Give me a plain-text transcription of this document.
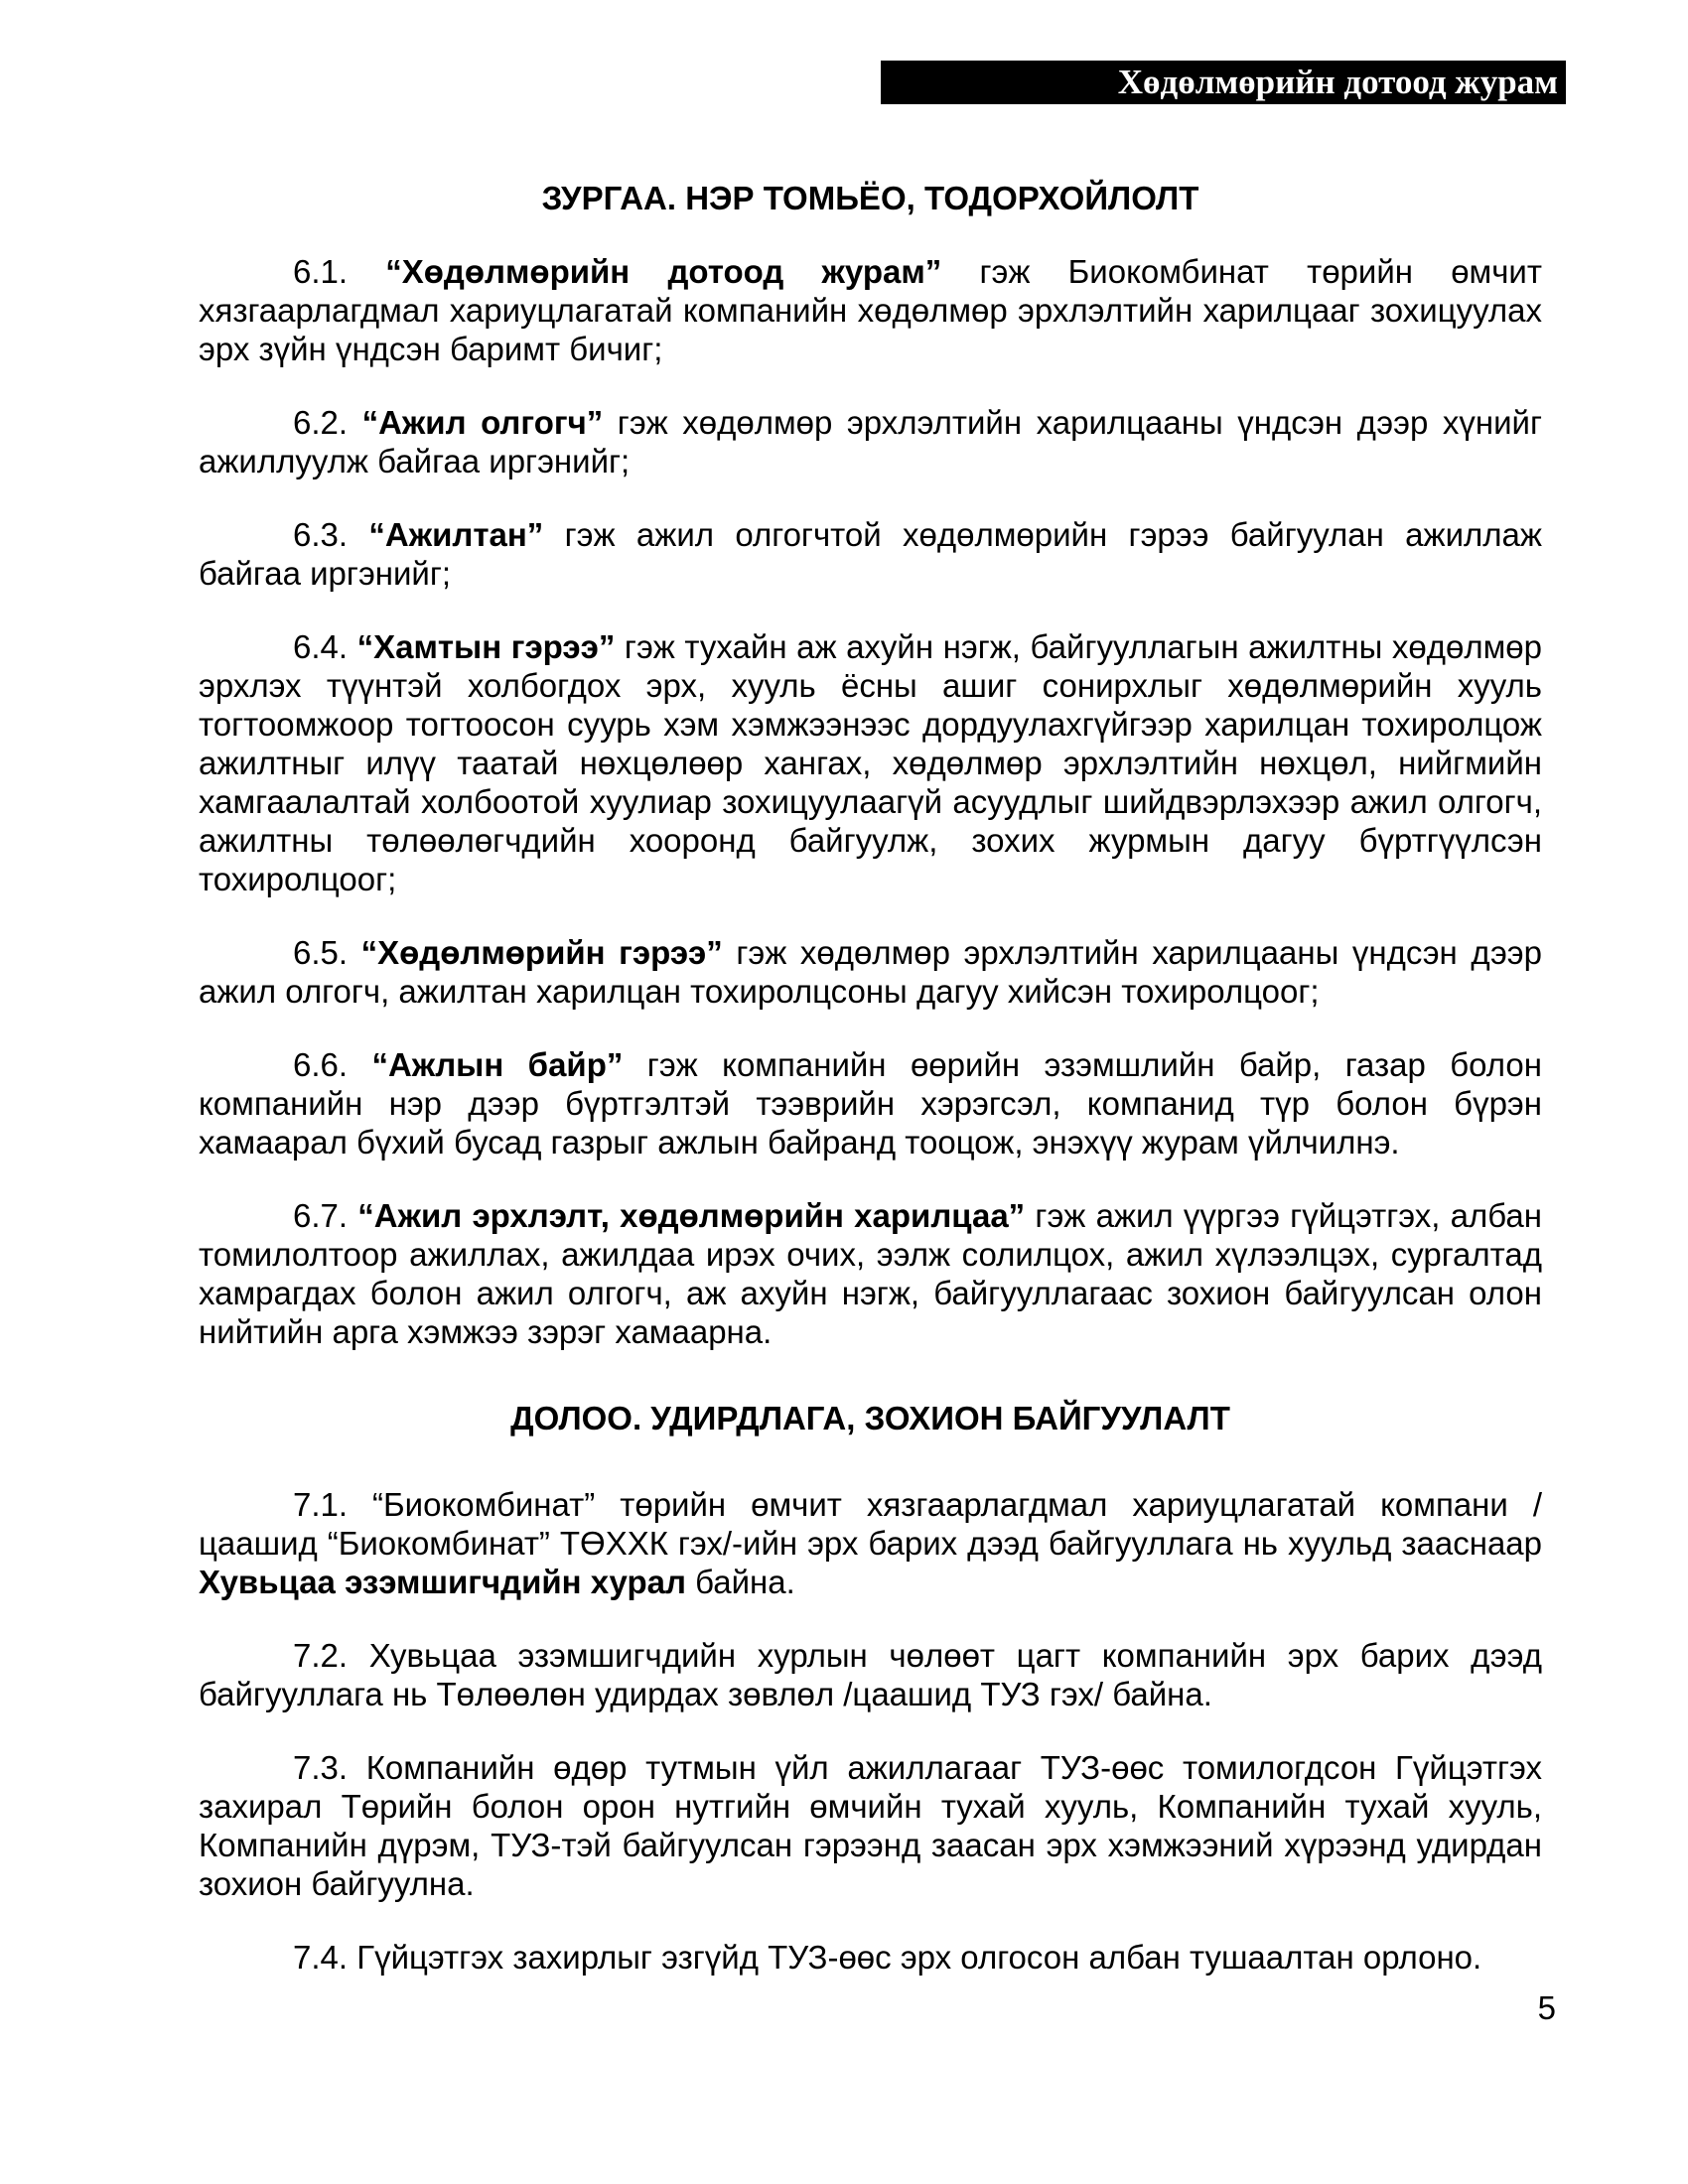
Хөдөлмөрийн дотоод журам
ЗУРГАА. НЭР ТОМЬЁО, ТОДОРХОЙЛОЛТ

6.1. “Хөдөлмөрийн дотоод журам” гэж Биокомбинат төрийн өмчит хязгаарлагдмал хариуцлагатай компанийн хөдөлмөр эрхлэлтийн харилцааг зохицуулах эрх зүйн үндсэн баримт бичиг;

6.2. “Ажил олгогч” гэж хөдөлмөр эрхлэлтийн харилцааны үндсэн дээр хүнийг ажиллуулж байгаа иргэнийг;

6.3. “Ажилтан” гэж ажил олгогчтой хөдөлмөрийн гэрээ байгуулан ажиллаж байгаа иргэнийг;

6.4. “Хамтын гэрээ” гэж тухайн аж ахуйн нэгж, байгууллагын ажилтны хөдөлмөр эрхлэх түүнтэй холбогдох эрх, хууль ёсны ашиг сонирхлыг хөдөлмөрийн хууль тогтоомжоор тогтоосон суурь хэм хэмжээнээс дордуулахгүйгээр харилцан тохиролцож ажилтныг илүү таатай нөхцөлөөр хангах, хөдөлмөр эрхлэлтийн нөхцөл, нийгмийн хамгаалалтай холбоотой хуулиар зохицуулаагүй асуудлыг шийдвэрлэхээр ажил олгогч, ажилтны төлөөлөгчдийн хооронд байгуулж, зохих журмын дагуу бүртгүүлсэн тохиролцоог;

6.5. “Хөдөлмөрийн гэрээ” гэж хөдөлмөр эрхлэлтийн харилцааны үндсэн дээр ажил олгогч, ажилтан харилцан тохиролцсоны дагуу хийсэн тохиролцоог;

6.6. “Ажлын байр” гэж компанийн өөрийн эзэмшлийн байр, газар болон компанийн нэр дээр бүртгэлтэй тээврийн хэрэгсэл, компанид түр болон бүрэн хамаарал бүхий бусад газрыг ажлын байранд тооцож, энэхүү журам үйлчилнэ.

6.7. “Ажил эрхлэлт, хөдөлмөрийн харилцаа” гэж ажил үүргээ гүйцэтгэх, албан томилолтоор ажиллах, ажилдаа ирэх очих, ээлж солилцох, ажил хүлээлцэх, сургалтад хамрагдах болон ажил олгогч, аж ахуйн нэгж, байгууллагаас зохион байгуулсан олон нийтийн арга хэмжээ зэрэг хамаарна.

ДОЛОО. УДИРДЛАГА, ЗОХИОН БАЙГУУЛАЛТ

7.1. “Биокомбинат” төрийн өмчит хязгаарлагдмал хариуцлагатай компани /цаашид “Биокомбинат” ТӨХХК гэх/-ийн эрх барих дээд байгууллага нь хуульд зааснаар Хувьцаа эзэмшигчдийн хурал байна.

7.2. Хувьцаа эзэмшигчдийн хурлын чөлөөт цагт компанийн эрх барих дээд байгууллага нь Төлөөлөн удирдах зөвлөл /цаашид ТУЗ гэх/ байна.

7.3. Компанийн өдөр тутмын үйл ажиллагааг ТУЗ-өөс томилогдсон Гүйцэтгэх захирал Төрийн болон орон нутгийн өмчийн тухай хууль, Компанийн тухай хууль, Компанийн дүрэм, ТУЗ-тэй байгуулсан гэрээнд заасан эрх хэмжээний хүрээнд удирдан зохион байгуулна.

7.4. Гүйцэтгэх захирлыг эзгүйд ТУЗ-өөс эрх олгосон албан тушаалтан орлоно.

5
